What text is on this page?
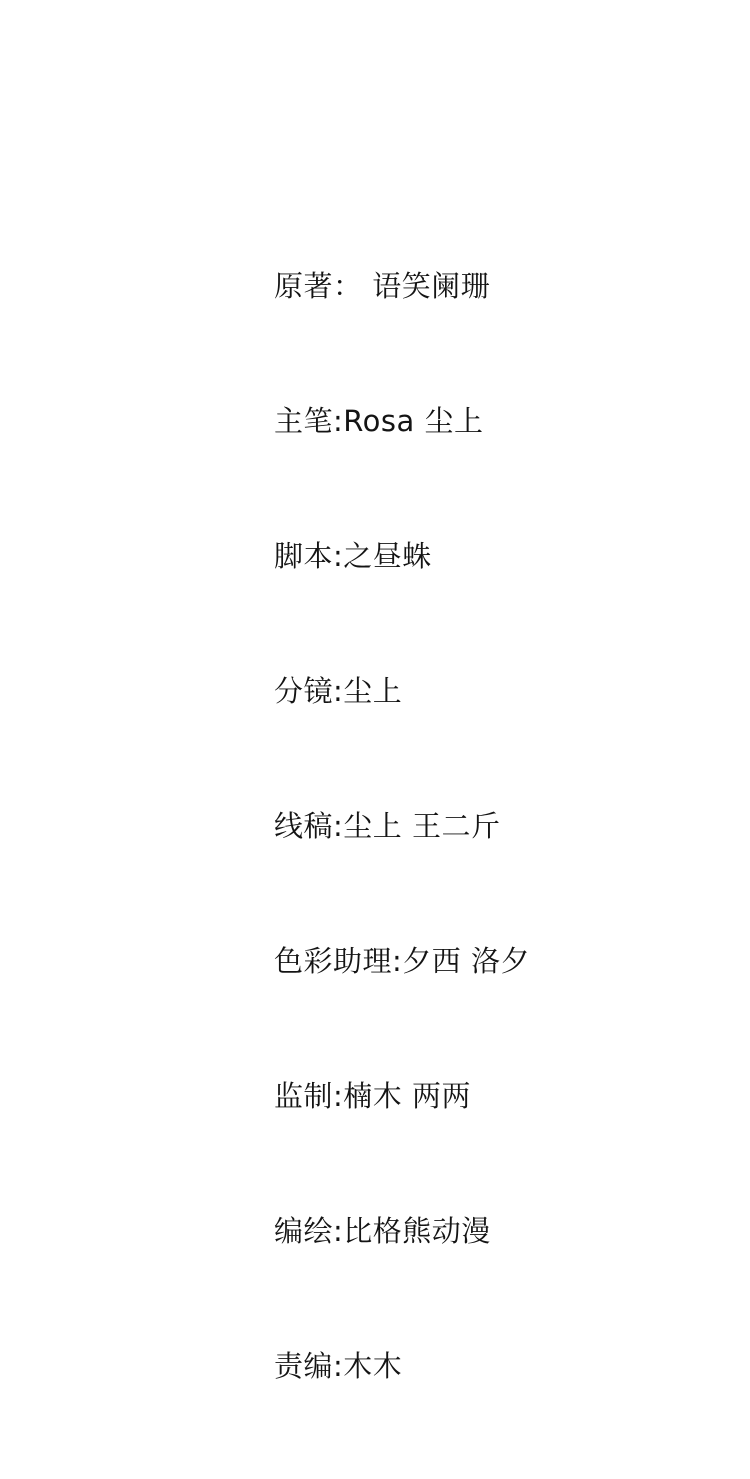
原著： 语笑阑珊

主笔:Rosa 尘上

脚本:之昼蛛

分镜:尘上

线稿:尘上 王二斤

色彩助理:夕西 洛夕

监制:楠木 两两

编绘:比格熊动漫

责编:木木
